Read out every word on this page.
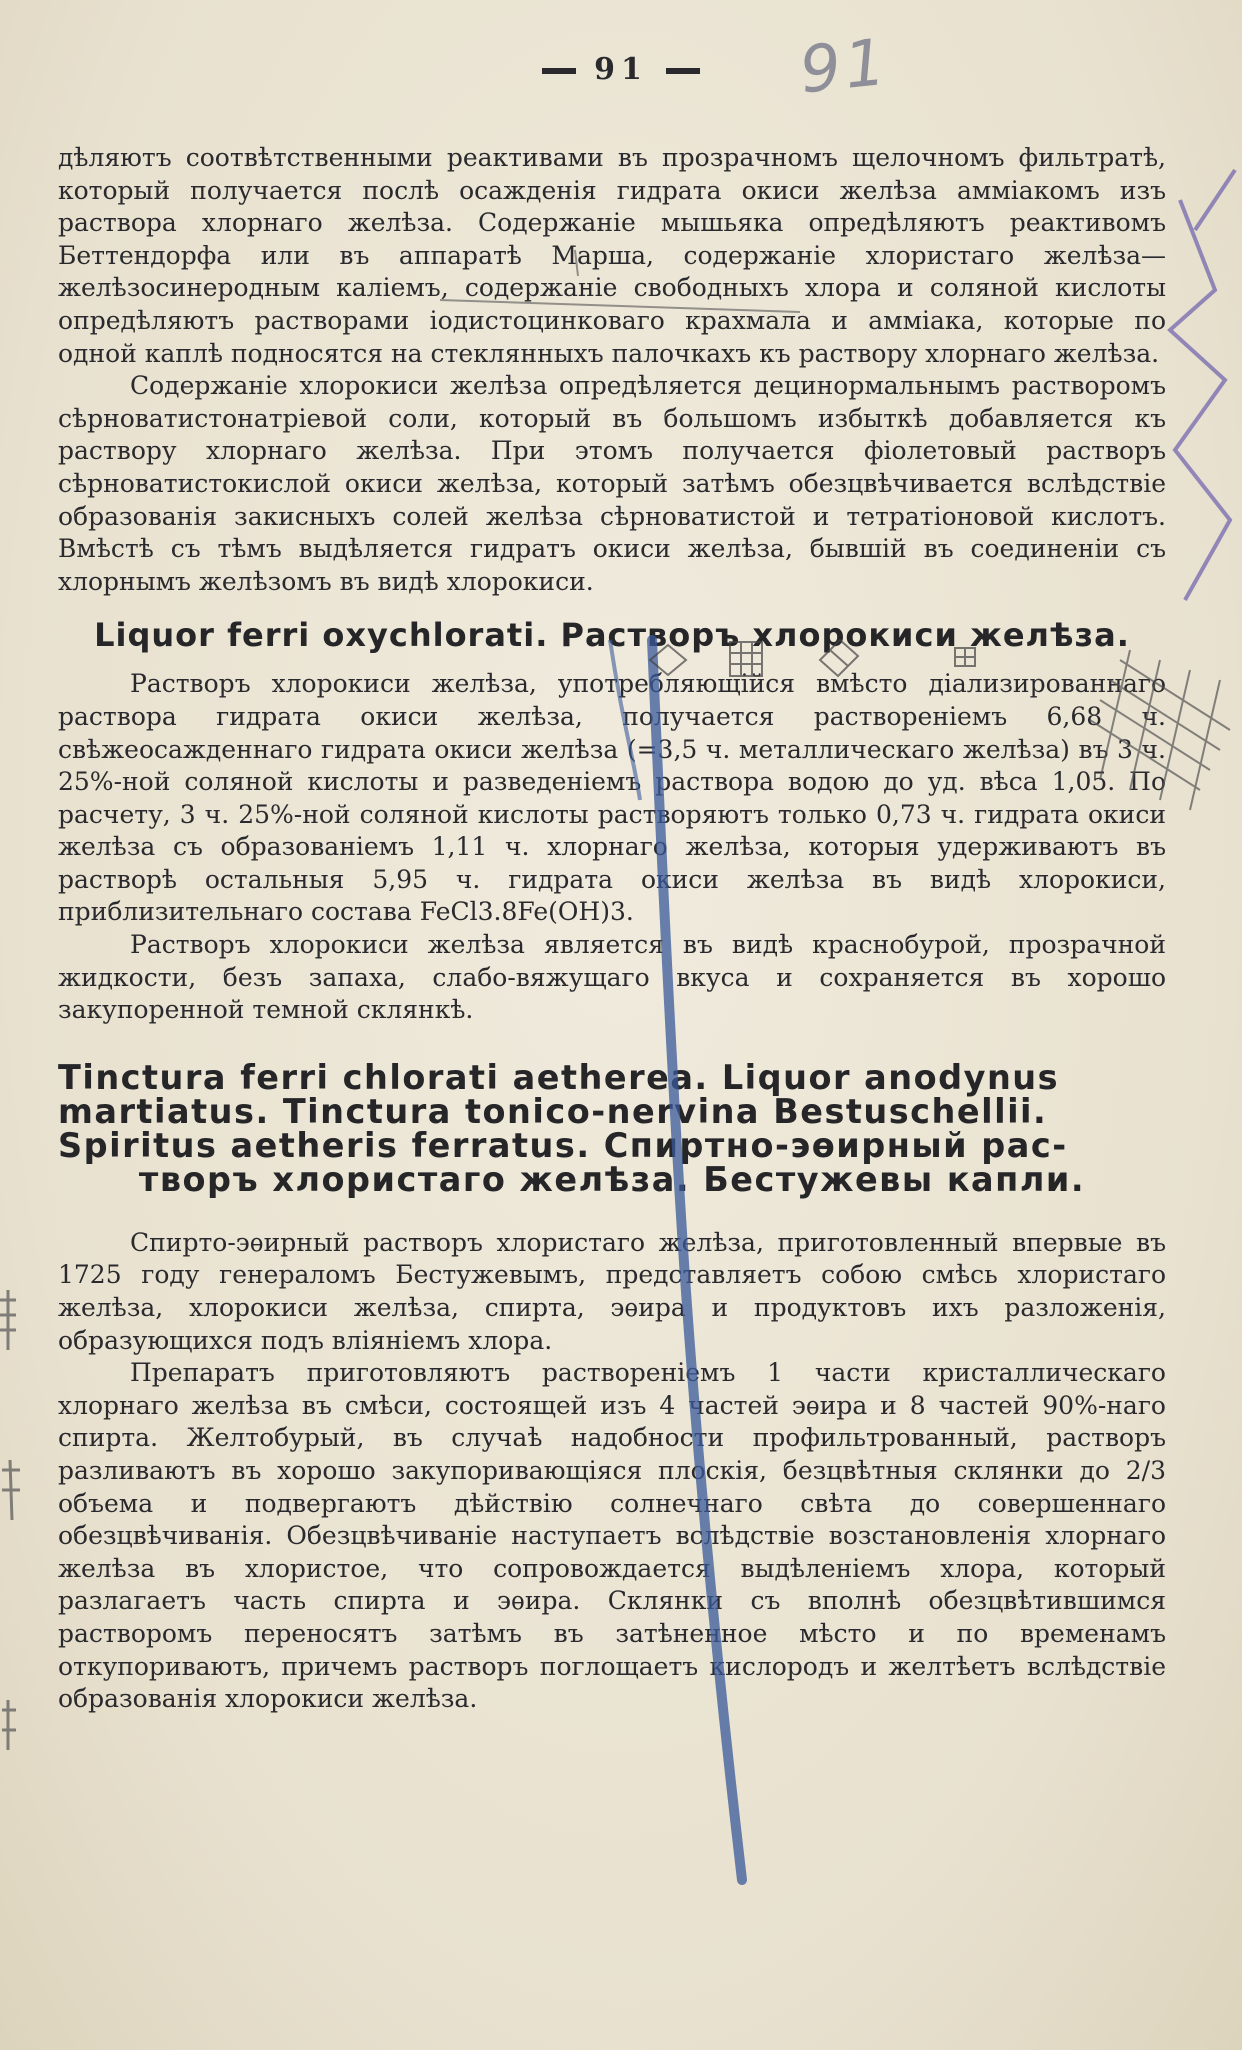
91	91

дѣляютъ соотвѣтственными реактивами въ прозрачномъ щелочномъ фильтратѣ, который получается послѣ осажденія гидрата окиси желѣза аммiакомъ изъ раствора хлорнаго желѣза. Содержаніе мышьяка опредѣляютъ реактивомъ Беттендорфа или въ аппаратѣ Марша, содержаніе хлористаго желѣза—желѣзосинеродным калiемъ, содержаніе свободныхъ хлора и соляной кислоты опредѣляютъ растворами iодистоцинковаго крахмала и амміака, которые по одной каплѣ подносятся на стеклянныхъ палочкахъ къ раствору хлорнаго желѣза.

Содержаніе хлорокиси желѣза опредѣляется децинормальнымъ растворомъ сѣрноватистонатріевой соли, который въ большомъ избыткѣ добавляется къ раствору хлорнаго желѣза. При этомъ получается фіолетовый растворъ сѣрноватистокислой окиси желѣза, который затѣмъ обезцвѣчивается вслѣдствіе образованія закисныхъ солей желѣза сѣрноватистой и тетратіоновой кислотъ. Вмѣстѣ съ тѣмъ выдѣляется гидратъ окиси желѣза, бывшій въ соединеніи съ хлорнымъ желѣзомъ въ видѣ хлорокиси.

Liquor ferri oxychlorati. Растворъ хлорокиси желѣза.

Растворъ хлорокиси желѣза, употребляющійся вмѣсто діализированнаго раствора гидрата окиси желѣза, получается растворенiемъ 6,68 ч. свѣжеосажденнаго гидрата окиси желѣза (=3,5 ч. металлическаго желѣза) въ 3 ч. 25%-ной соляной кислоты и разведеніемъ раствора водою до уд. вѣса 1,05. По расчету, 3 ч. 25%-ной соляной кислоты растворяютъ только 0,73 ч. гидрата окиси желѣза съ образованіемъ 1,11 ч. хлорнаго желѣза, которыя удерживаютъ въ растворѣ остальныя 5,95 ч. гидрата окиси желѣза въ видѣ хлорокиси, приблизительнаго состава FeCl3.8Fe(OH)3.

Растворъ хлорокиси желѣза является въ видѣ краснобурой, прозрачной жидкости, безъ запаха, слабо-вяжущаго вкуса и сохраняется въ хорошо закупоренной темной склянкѣ.

Tinctura ferri chlorati aetherea. Liquor anodynus martiatus. Tinctura tonico-nervina Bestuschellii. Spiritus aetheris ferratus. Спиртно-эѳирный рас-
творъ хлористаго желѣза. Бестужевы капли.

Спирто-эѳирный растворъ хлористаго желѣза, приготовленный впервые въ 1725 году генераломъ Бестужевымъ, представляетъ собою смѣсь хлористаго желѣза, хлорокиси желѣза, спирта, эѳира и продуктовъ ихъ разложенія, образующихся подъ вліяніемъ хлора.

Препаратъ приготовляютъ растворенiемъ 1 части кристаллическаго хлорнаго желѣза въ смѣси, состоящей изъ 4 частей эѳира и 8 частей 90%-наго спирта. Желтобурый, въ случаѣ надобности профильтрованный, растворъ разливаютъ въ хорошо закупоривающіяся плоскія, безцвѣтныя склянки до 2/3 объема и подвергаютъ дѣйствію солнечнаго свѣта до совершеннаго обезцвѣчиванія. Обезцвѣчиваніе наступаетъ вслѣдствіе возстановленія хлорнаго желѣза въ хлористое, что сопровождается выдѣленіемъ хлора, который разлагаетъ часть спирта и эѳира. Склянки съ вполнѣ обезцвѣтившимся растворомъ переносятъ затѣмъ въ затѣненное мѣсто и по временамъ откупориваютъ, причемъ растворъ поглощаетъ кислородъ и желтѣетъ вслѣдствіе образованія хлорокиси желѣза.
